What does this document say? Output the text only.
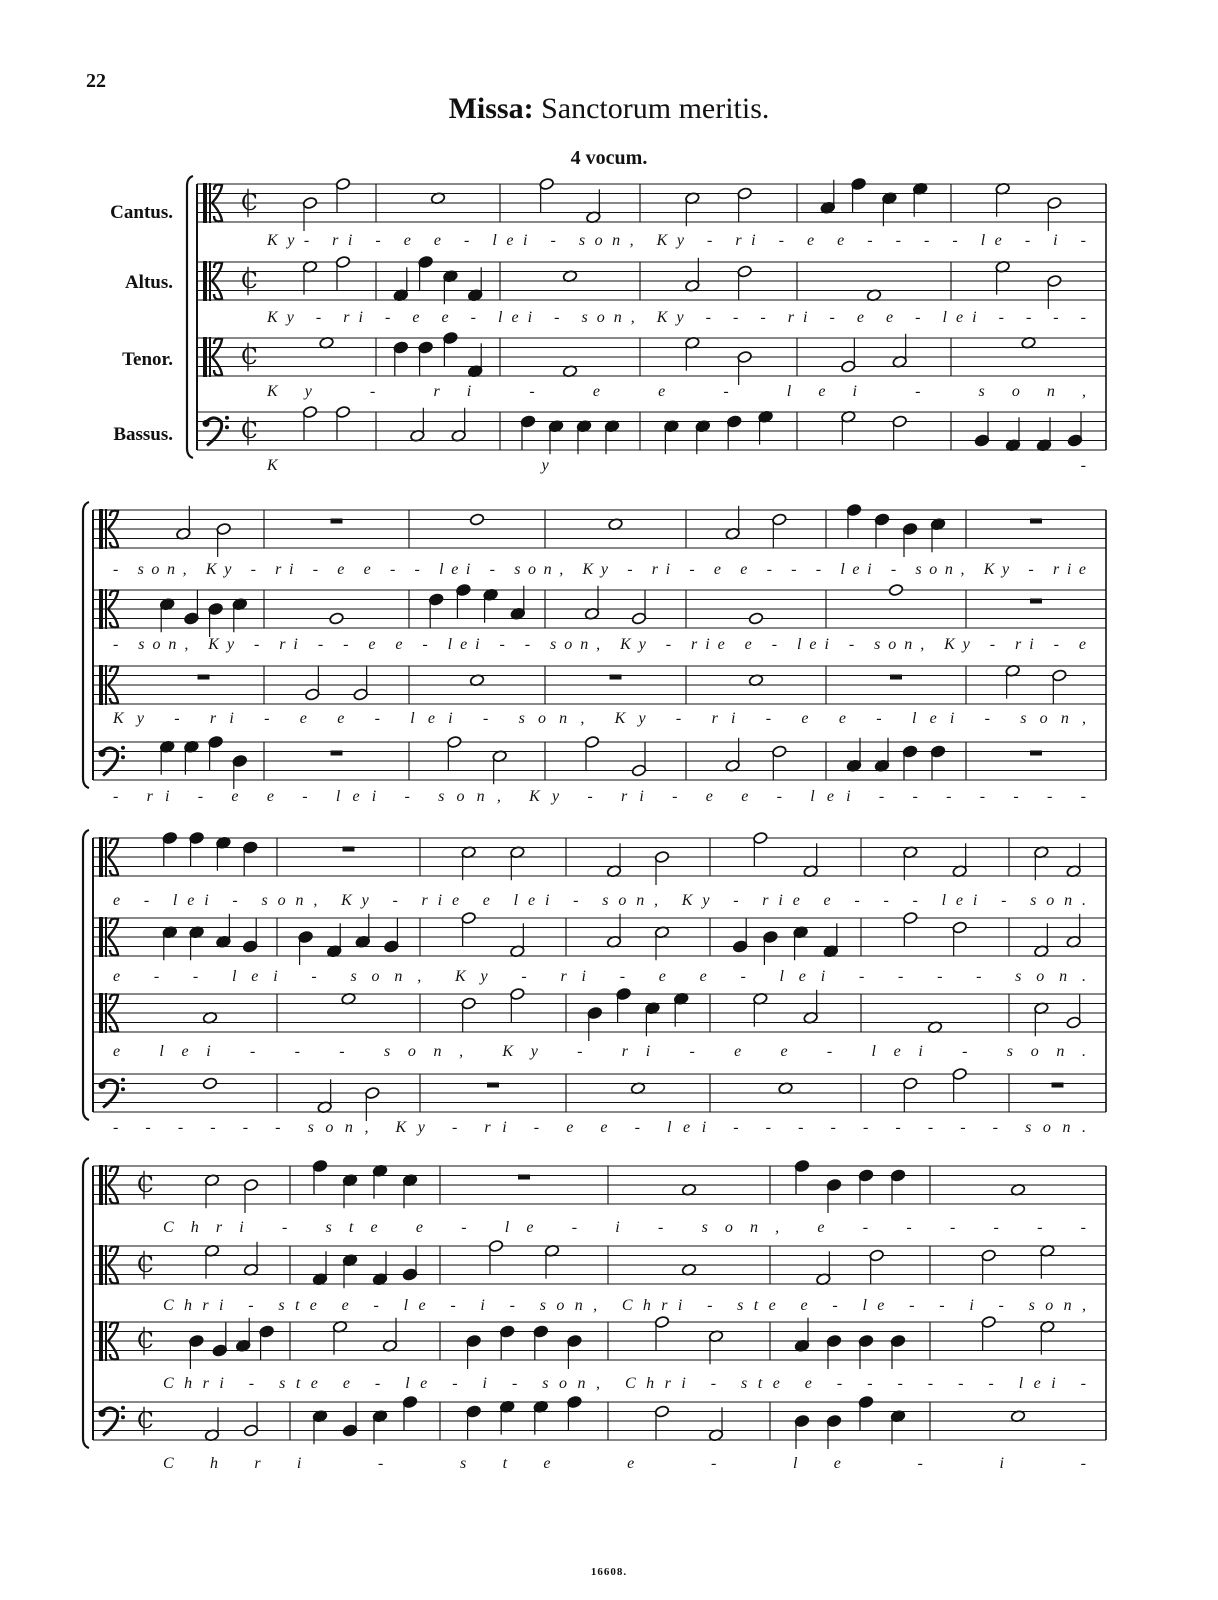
22
Missa: Sanctorum meritis.
4 vocum.
Cantus.
Altus.
Tenor.
Bassus.
C
C
C
C
Ky- ri - e e - lei - son, Ky - ri - e e - - - - le - i -
Ky - ri - e e - lei - son, Ky - - - ri - e e - lei - - - -
Ky - ri - e e - lei - son,
Ky -
- son, Ky - ri - e e - - lei - son, Ky - ri - e e - - - lei - son, Ky - rie
- son, Ky - ri - - e e - lei - - son, Ky - rie e - lei - son, Ky - ri - e
Ky - ri - e e - lei - son, Ky - ri - e e - lei - son,
- ri - e e - lei - son, Ky - ri - e e - lei - - - - - - -
e - lei - son, Ky - rie e lei - son, Ky - rie e - - - lei - son.
e - - lei - son, Ky - ri - e e - lei - - - - son.
e lei - - - son, Ky - ri - e e - lei - son.
- - - - - - son, Ky - ri - e e - lei - - - - - - - - - son.
C
C
C
C
Chri - ste e - le - i - son, e - - - - - -
Chri - ste e - le - i - son, Chri - ste e - le - - i - son,
Chri - ste e - le - i - son, Chri - ste e - - - - - - lei -
Chri - ste e - le - i -
16608.
